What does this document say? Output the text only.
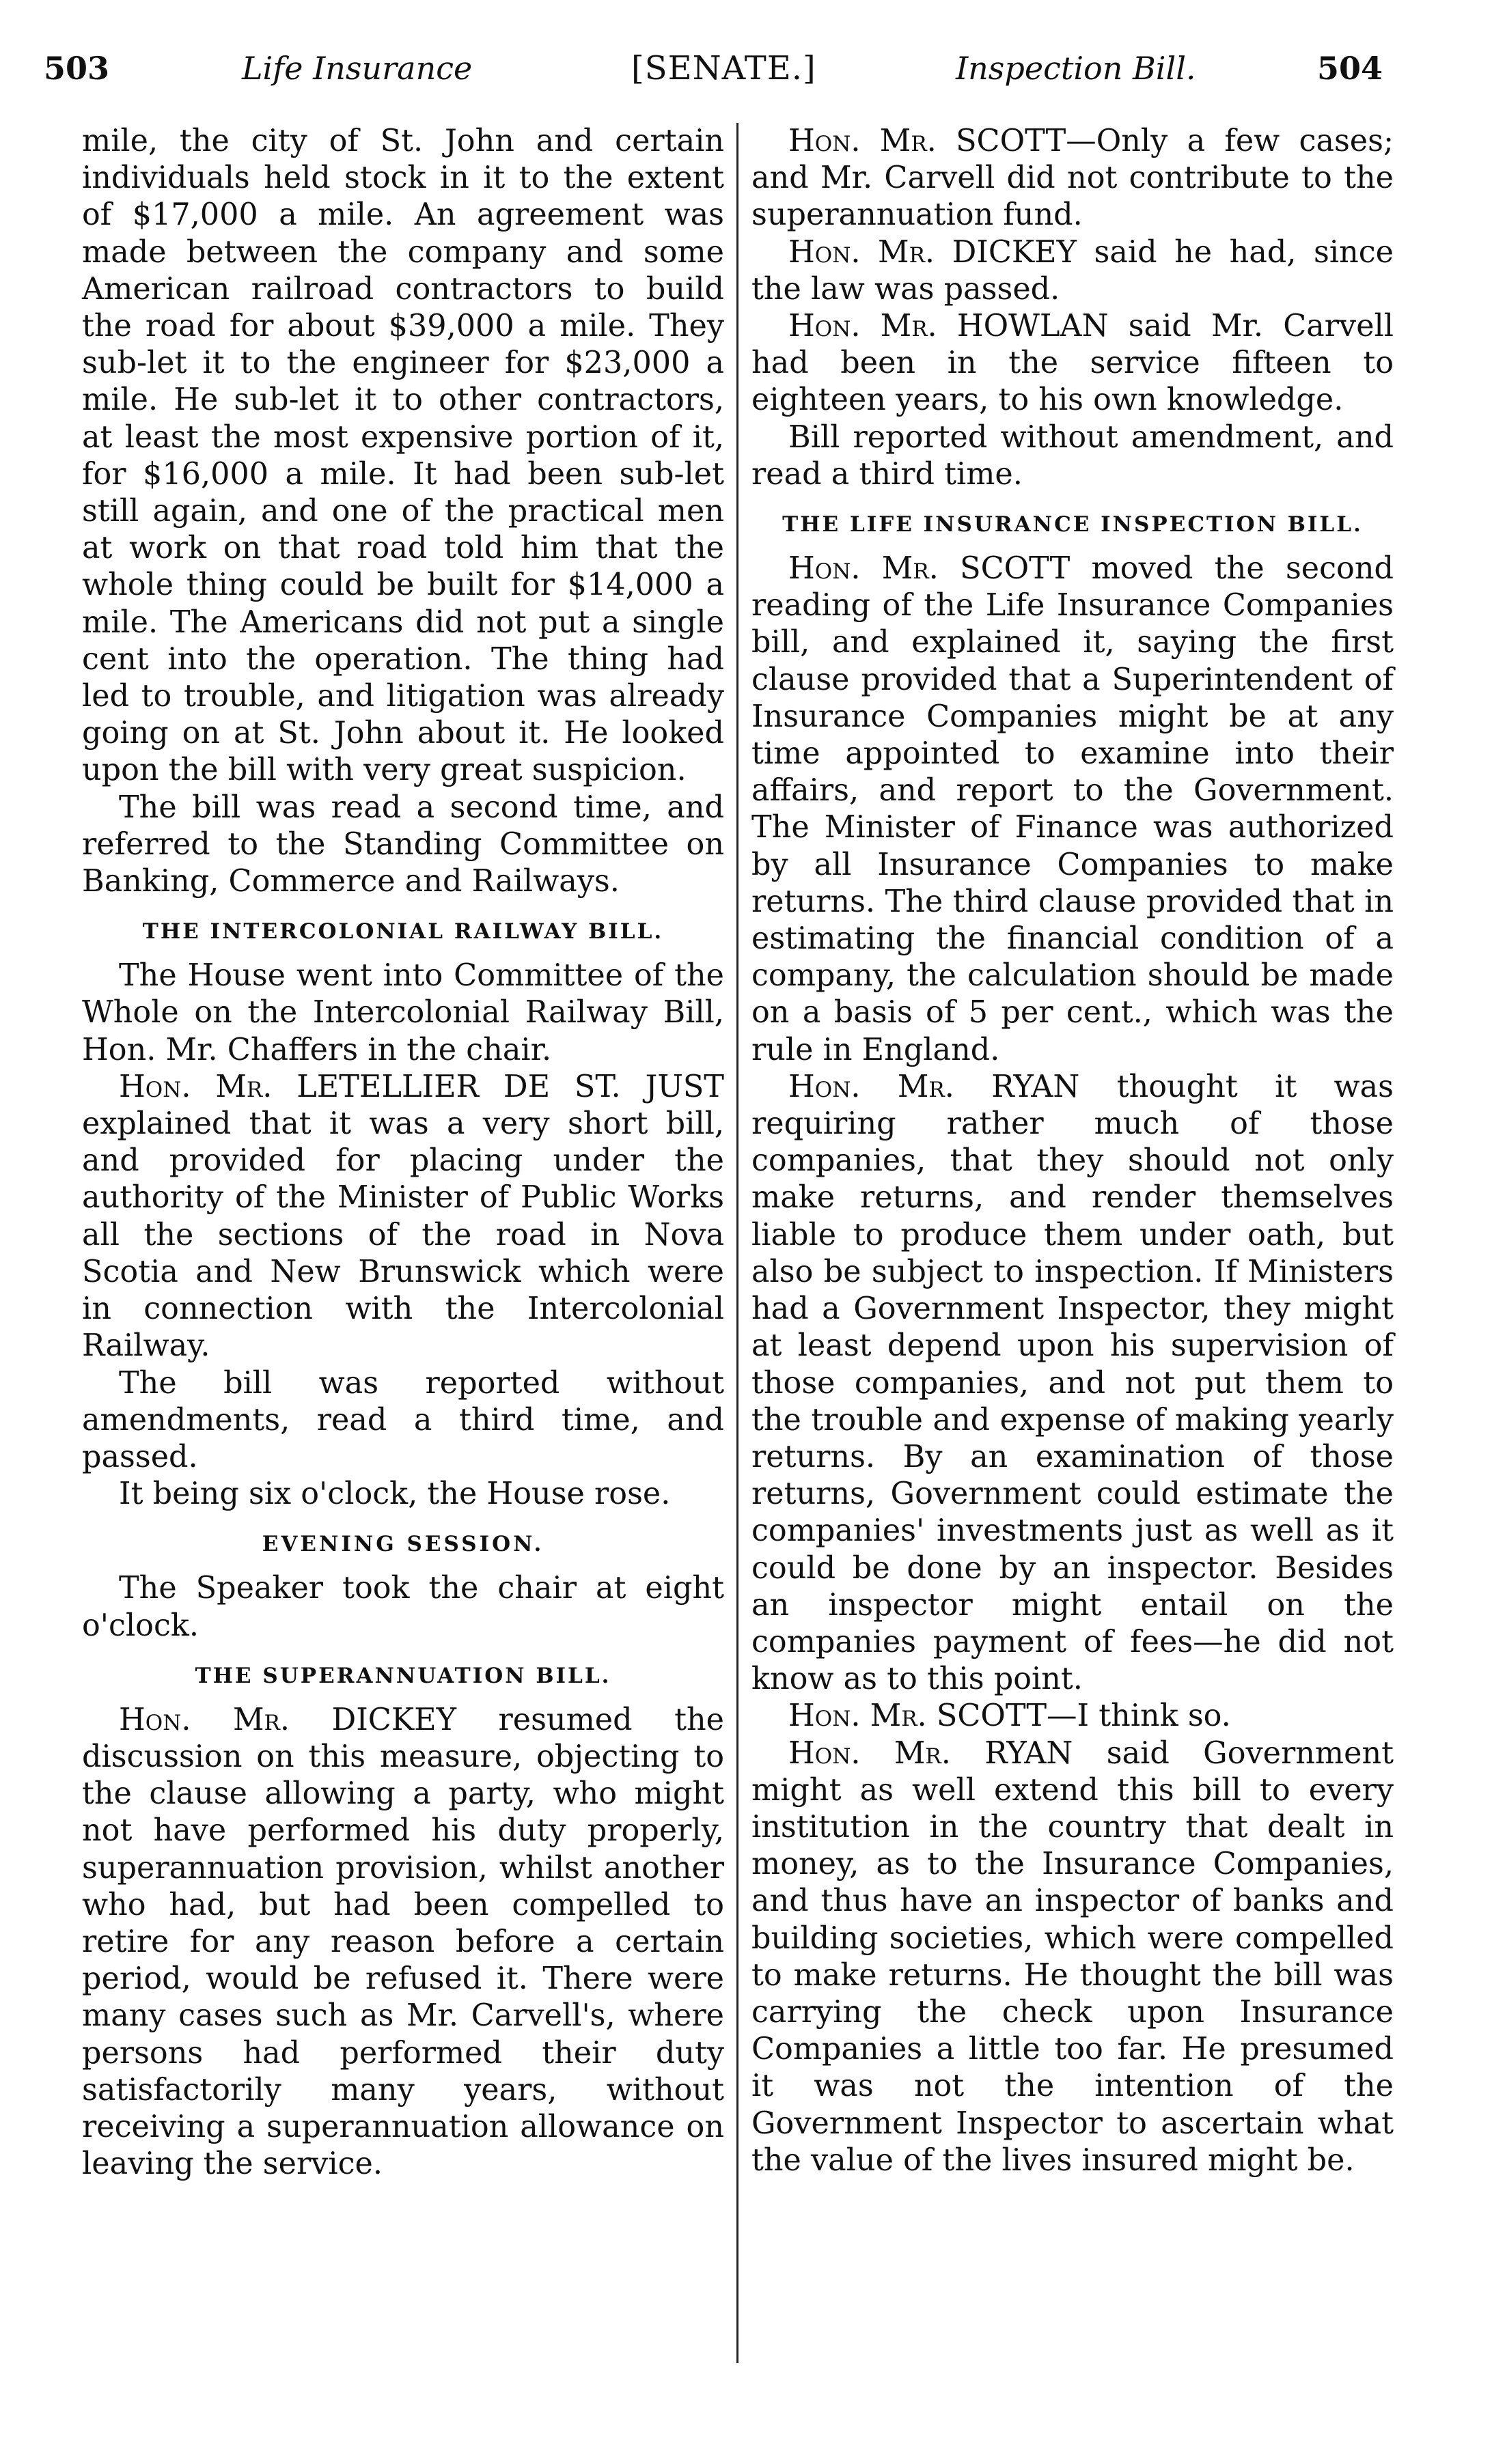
503	Life Insurance	[SENATE.]	Inspection Bill.	504

mile, the city of St. John and certain individuals held stock in it to the extent of $17,000 a mile. An agreement was made between the company and some American railroad contractors to build the road for about $39,000 a mile. They sub-let it to the engineer for $23,000 a mile. He sub-let it to other contractors, at least the most expensive portion of it, for $16,000 a mile. It had been sub-let still again, and one of the practical men at work on that road told him that the whole thing could be built for $14,000 a mile. The Americans did not put a single cent into the operation. The thing had led to trouble, and litigation was already going on at St. John about it. He looked upon the bill with very great suspicion.

The bill was read a second time, and referred to the Standing Committee on Banking, Commerce and Railways.

THE INTERCOLONIAL RAILWAY BILL.

The House went into Committee of the Whole on the Intercolonial Railway Bill, Hon. Mr. Chaffers in the chair.

Hon. Mr. LETELLIER DE ST. JUST explained that it was a very short bill, and provided for placing under the authority of the Minister of Public Works all the sections of the road in Nova Scotia and New Brunswick which were in connection with the Intercolonial Railway.

The bill was reported without amendments, read a third time, and passed.

It being six o'clock, the House rose.

EVENING SESSION.

The Speaker took the chair at eight o'clock.

THE SUPERANNUATION BILL.

Hon. Mr. DICKEY resumed the discussion on this measure, objecting to the clause allowing a party, who might not have performed his duty properly, superannuation provision, whilst another who had, but had been compelled to retire for any reason before a certain period, would be refused it. There were many cases such as Mr. Carvell's, where persons had performed their duty satisfactorily many years, without receiving a superannuation allowance on leaving the service.

Hon. Mr. SCOTT—Only a few cases; and Mr. Carvell did not contribute to the superannuation fund.

Hon. Mr. DICKEY said he had, since the law was passed.

Hon. Mr. HOWLAN said Mr. Carvell had been in the service fifteen to eighteen years, to his own knowledge.

Bill reported without amendment, and read a third time.

THE LIFE INSURANCE INSPECTION BILL.

Hon. Mr. SCOTT moved the second reading of the Life Insurance Companies bill, and explained it, saying the first clause provided that a Superintendent of Insurance Companies might be at any time appointed to examine into their affairs, and report to the Government. The Minister of Finance was authorized by all Insurance Companies to make returns. The third clause provided that in estimating the financial condition of a company, the calculation should be made on a basis of 5 per cent., which was the rule in England.

Hon. Mr. RYAN thought it was requiring rather much of those companies, that they should not only make returns, and render themselves liable to produce them under oath, but also be subject to inspection. If Ministers had a Government Inspector, they might at least depend upon his supervision of those companies, and not put them to the trouble and expense of making yearly returns. By an examination of those returns, Government could estimate the companies' investments just as well as it could be done by an inspector. Besides an inspector might entail on the companies payment of fees—he did not know as to this point.

Hon. Mr. SCOTT—I think so.

Hon. Mr. RYAN said Government might as well extend this bill to every institution in the country that dealt in money, as to the Insurance Companies, and thus have an inspector of banks and building societies, which were compelled to make returns. He thought the bill was carrying the check upon Insurance Companies a little too far. He presumed it was not the intention of the Government Inspector to ascertain what the value of the lives insured might be.
